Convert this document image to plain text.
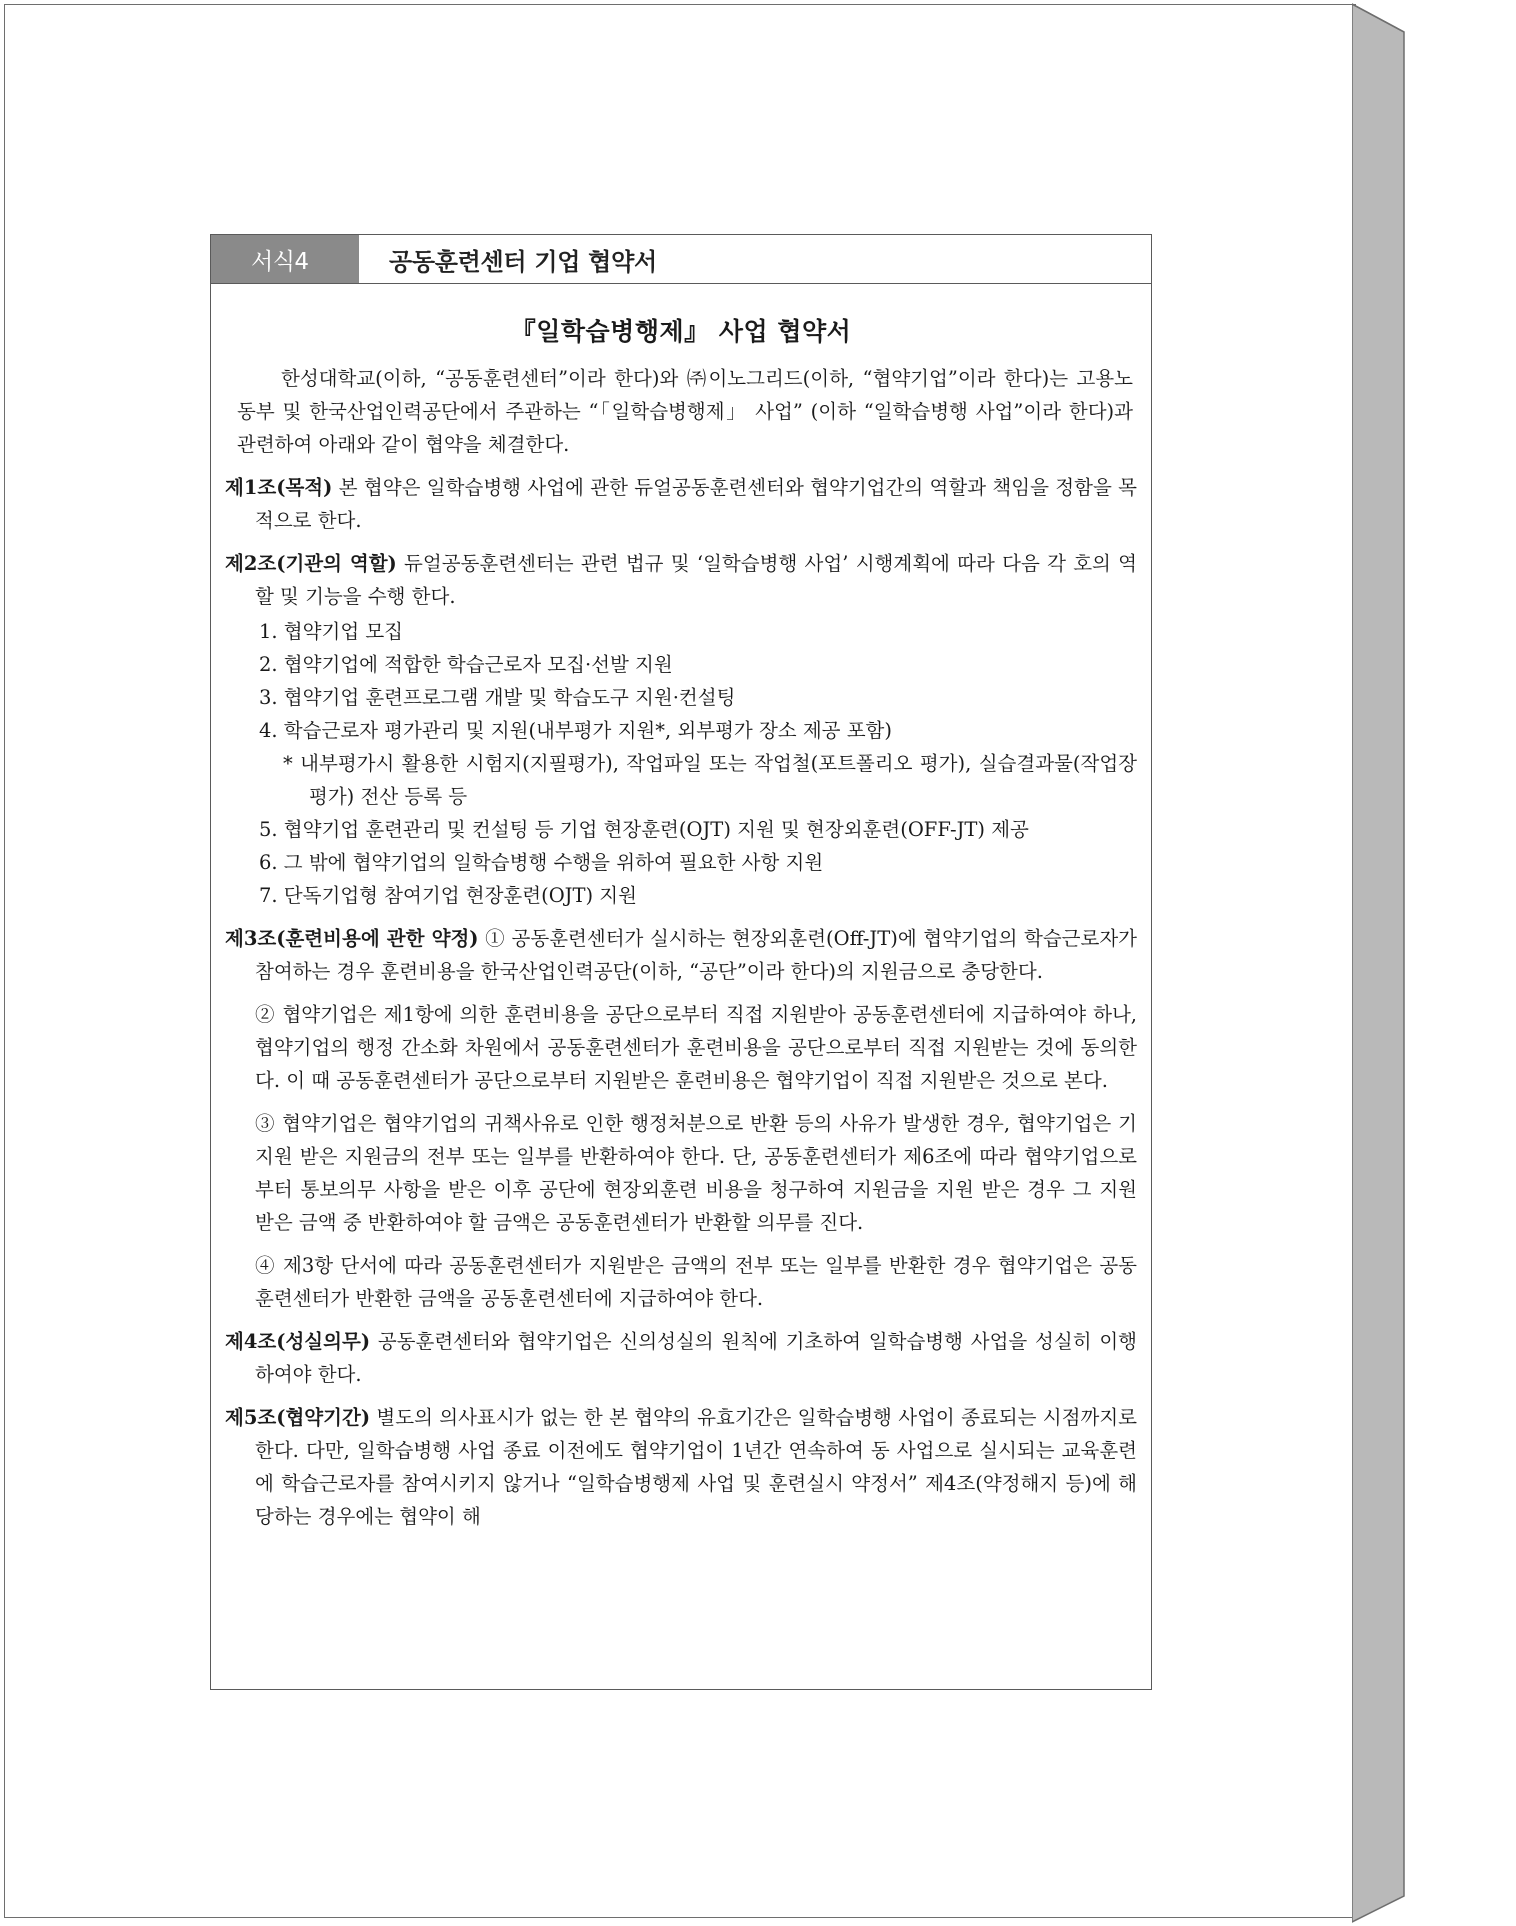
서식4	공동훈련센터 기업 협약서
『일학습병행제』 사업 협약서

한성대학교(이하, “공동훈련센터”이라 한다)와 ㈜이노그리드(이하, “협약기업”이라 한다)는 고용노동부 및 한국산업인력공단에서 주관하는 “「일학습병행제」 사업” (이하 “일학습병행 사업”이라 한다)과 관련하여 아래와 같이 협약을 체결한다.

제1조(목적) 본 협약은 일학습병행 사업에 관한 듀얼공동훈련센터와 협약기업간의 역할과 책임을 정함을 목적으로 한다.

제2조(기관의 역할) 듀얼공동훈련센터는 관련 법규 및 ‘일학습병행 사업’ 시행계획에 따라 다음 각 호의 역할 및 기능을 수행 한다.

1. 협약기업 모집

2. 협약기업에 적합한 학습근로자 모집·선발 지원

3. 협약기업 훈련프로그램 개발 및 학습도구 지원·컨설팅

4. 학습근로자 평가관리 및 지원(내부평가 지원*, 외부평가 장소 제공 포함)

* 내부평가시 활용한 시험지(지필평가), 작업파일 또는 작업철(포트폴리오 평가), 실습결과물(작업장 평가) 전산 등록 등

5. 협약기업 훈련관리 및 컨설팅 등 기업 현장훈련(OJT) 지원 및 현장외훈련(OFF-JT) 제공

6. 그 밖에 협약기업의 일학습병행 수행을 위하여 필요한 사항 지원

7. 단독기업형 참여기업 현장훈련(OJT) 지원

제3조(훈련비용에 관한 약정) ① 공동훈련센터가 실시하는 현장외훈련(Off-JT)에 협약기업의 학습근로자가 참여하는 경우 훈련비용을 한국산업인력공단(이하, “공단”이라 한다)의 지원금으로 충당한다.

② 협약기업은 제1항에 의한 훈련비용을 공단으로부터 직접 지원받아 공동훈련센터에 지급하여야 하나, 협약기업의 행정 간소화 차원에서 공동훈련센터가 훈련비용을 공단으로부터 직접 지원받는 것에 동의한다. 이 때 공동훈련센터가 공단으로부터 지원받은 훈련비용은 협약기업이 직접 지원받은 것으로 본다.

③ 협약기업은 협약기업의 귀책사유로 인한 행정처분으로 반환 등의 사유가 발생한 경우, 협약기업은 기지원 받은 지원금의 전부 또는 일부를 반환하여야 한다. 단, 공동훈련센터가 제6조에 따라 협약기업으로부터 통보의무 사항을 받은 이후 공단에 현장외훈련 비용을 청구하여 지원금을 지원 받은 경우 그 지원 받은 금액 중 반환하여야 할 금액은 공동훈련센터가 반환할 의무를 진다.

④ 제3항 단서에 따라 공동훈련센터가 지원받은 금액의 전부 또는 일부를 반환한 경우 협약기업은 공동훈련센터가 반환한 금액을 공동훈련센터에 지급하여야 한다.

제4조(성실의무) 공동훈련센터와 협약기업은 신의성실의 원칙에 기초하여 일학습병행 사업을 성실히 이행하여야 한다.

제5조(협약기간) 별도의 의사표시가 없는 한 본 협약의 유효기간은 일학습병행 사업이 종료되는 시점까지로 한다. 다만, 일학습병행 사업 종료 이전에도 협약기업이 1년간 연속하여 동 사업으로 실시되는 교육훈련에 학습근로자를 참여시키지 않거나 “일학습병행제 사업 및 훈련실시 약정서” 제4조(약정해지 등)에 해당하는 경우에는 협약이 해
